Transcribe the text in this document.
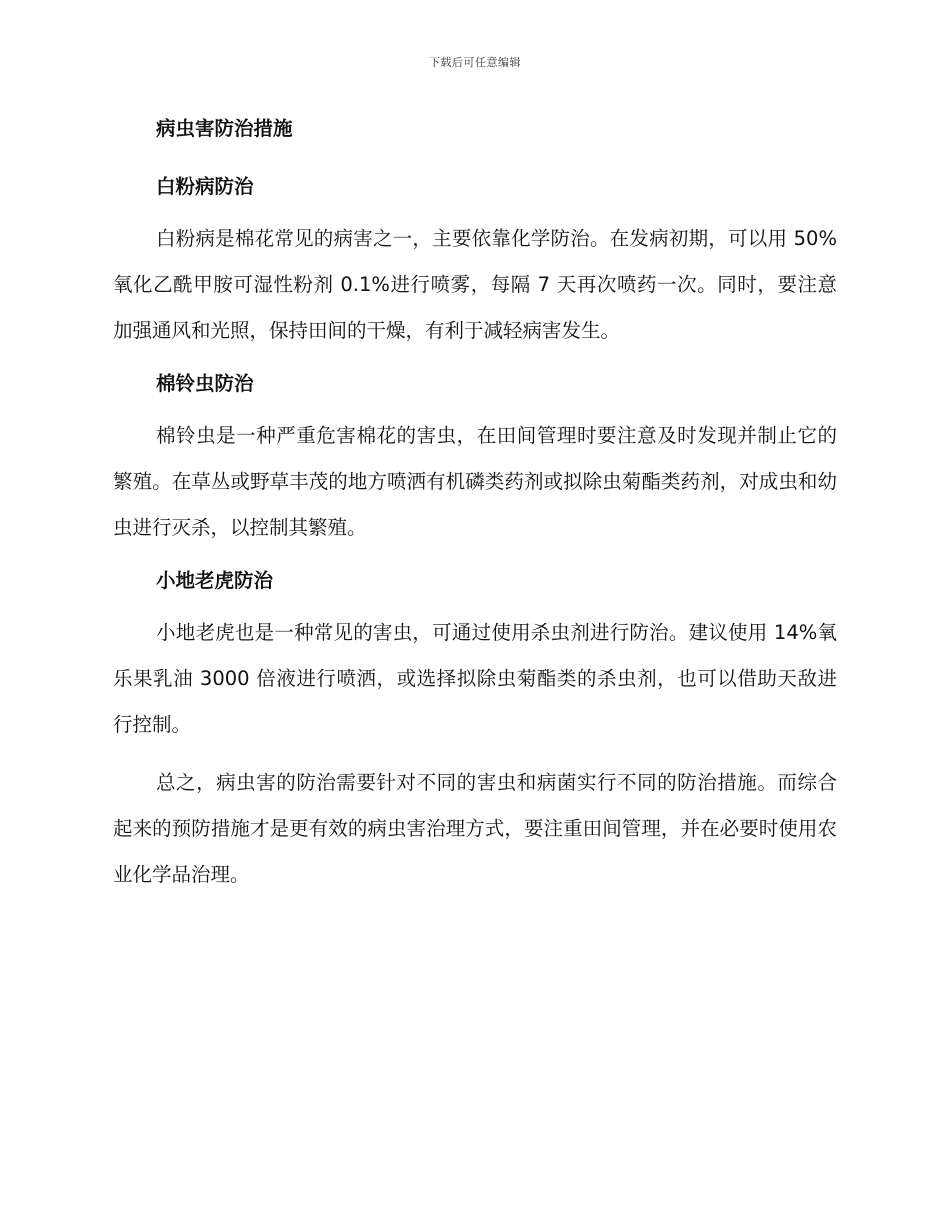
下载后可任意编辑
病虫害防治措施
白粉病防治

白粉病是棉花常见的病害之一，主要依靠化学防治。在发病初期，可以用 50%氧化乙酰甲胺可湿性粉剂 0.1%进行喷雾，每隔 7 天再次喷药一次。同时，要注意加强通风和光照，保持田间的干燥，有利于减轻病害发生。

棉铃虫防治

棉铃虫是一种严重危害棉花的害虫，在田间管理时要注意及时发现并制止它的繁殖。在草丛或野草丰茂的地方喷洒有机磷类药剂或拟除虫菊酯类药剂，对成虫和幼虫进行灭杀，以控制其繁殖。

小地老虎防治

小地老虎也是一种常见的害虫，可通过使用杀虫剂进行防治。建议使用 14%氧乐果乳油 3000 倍液进行喷洒，或选择拟除虫菊酯类的杀虫剂，也可以借助天敌进行控制。

总之，病虫害的防治需要针对不同的害虫和病菌实行不同的防治措施。而综合起来的预防措施才是更有效的病虫害治理方式，要注重田间管理，并在必要时使用农业化学品治理。
